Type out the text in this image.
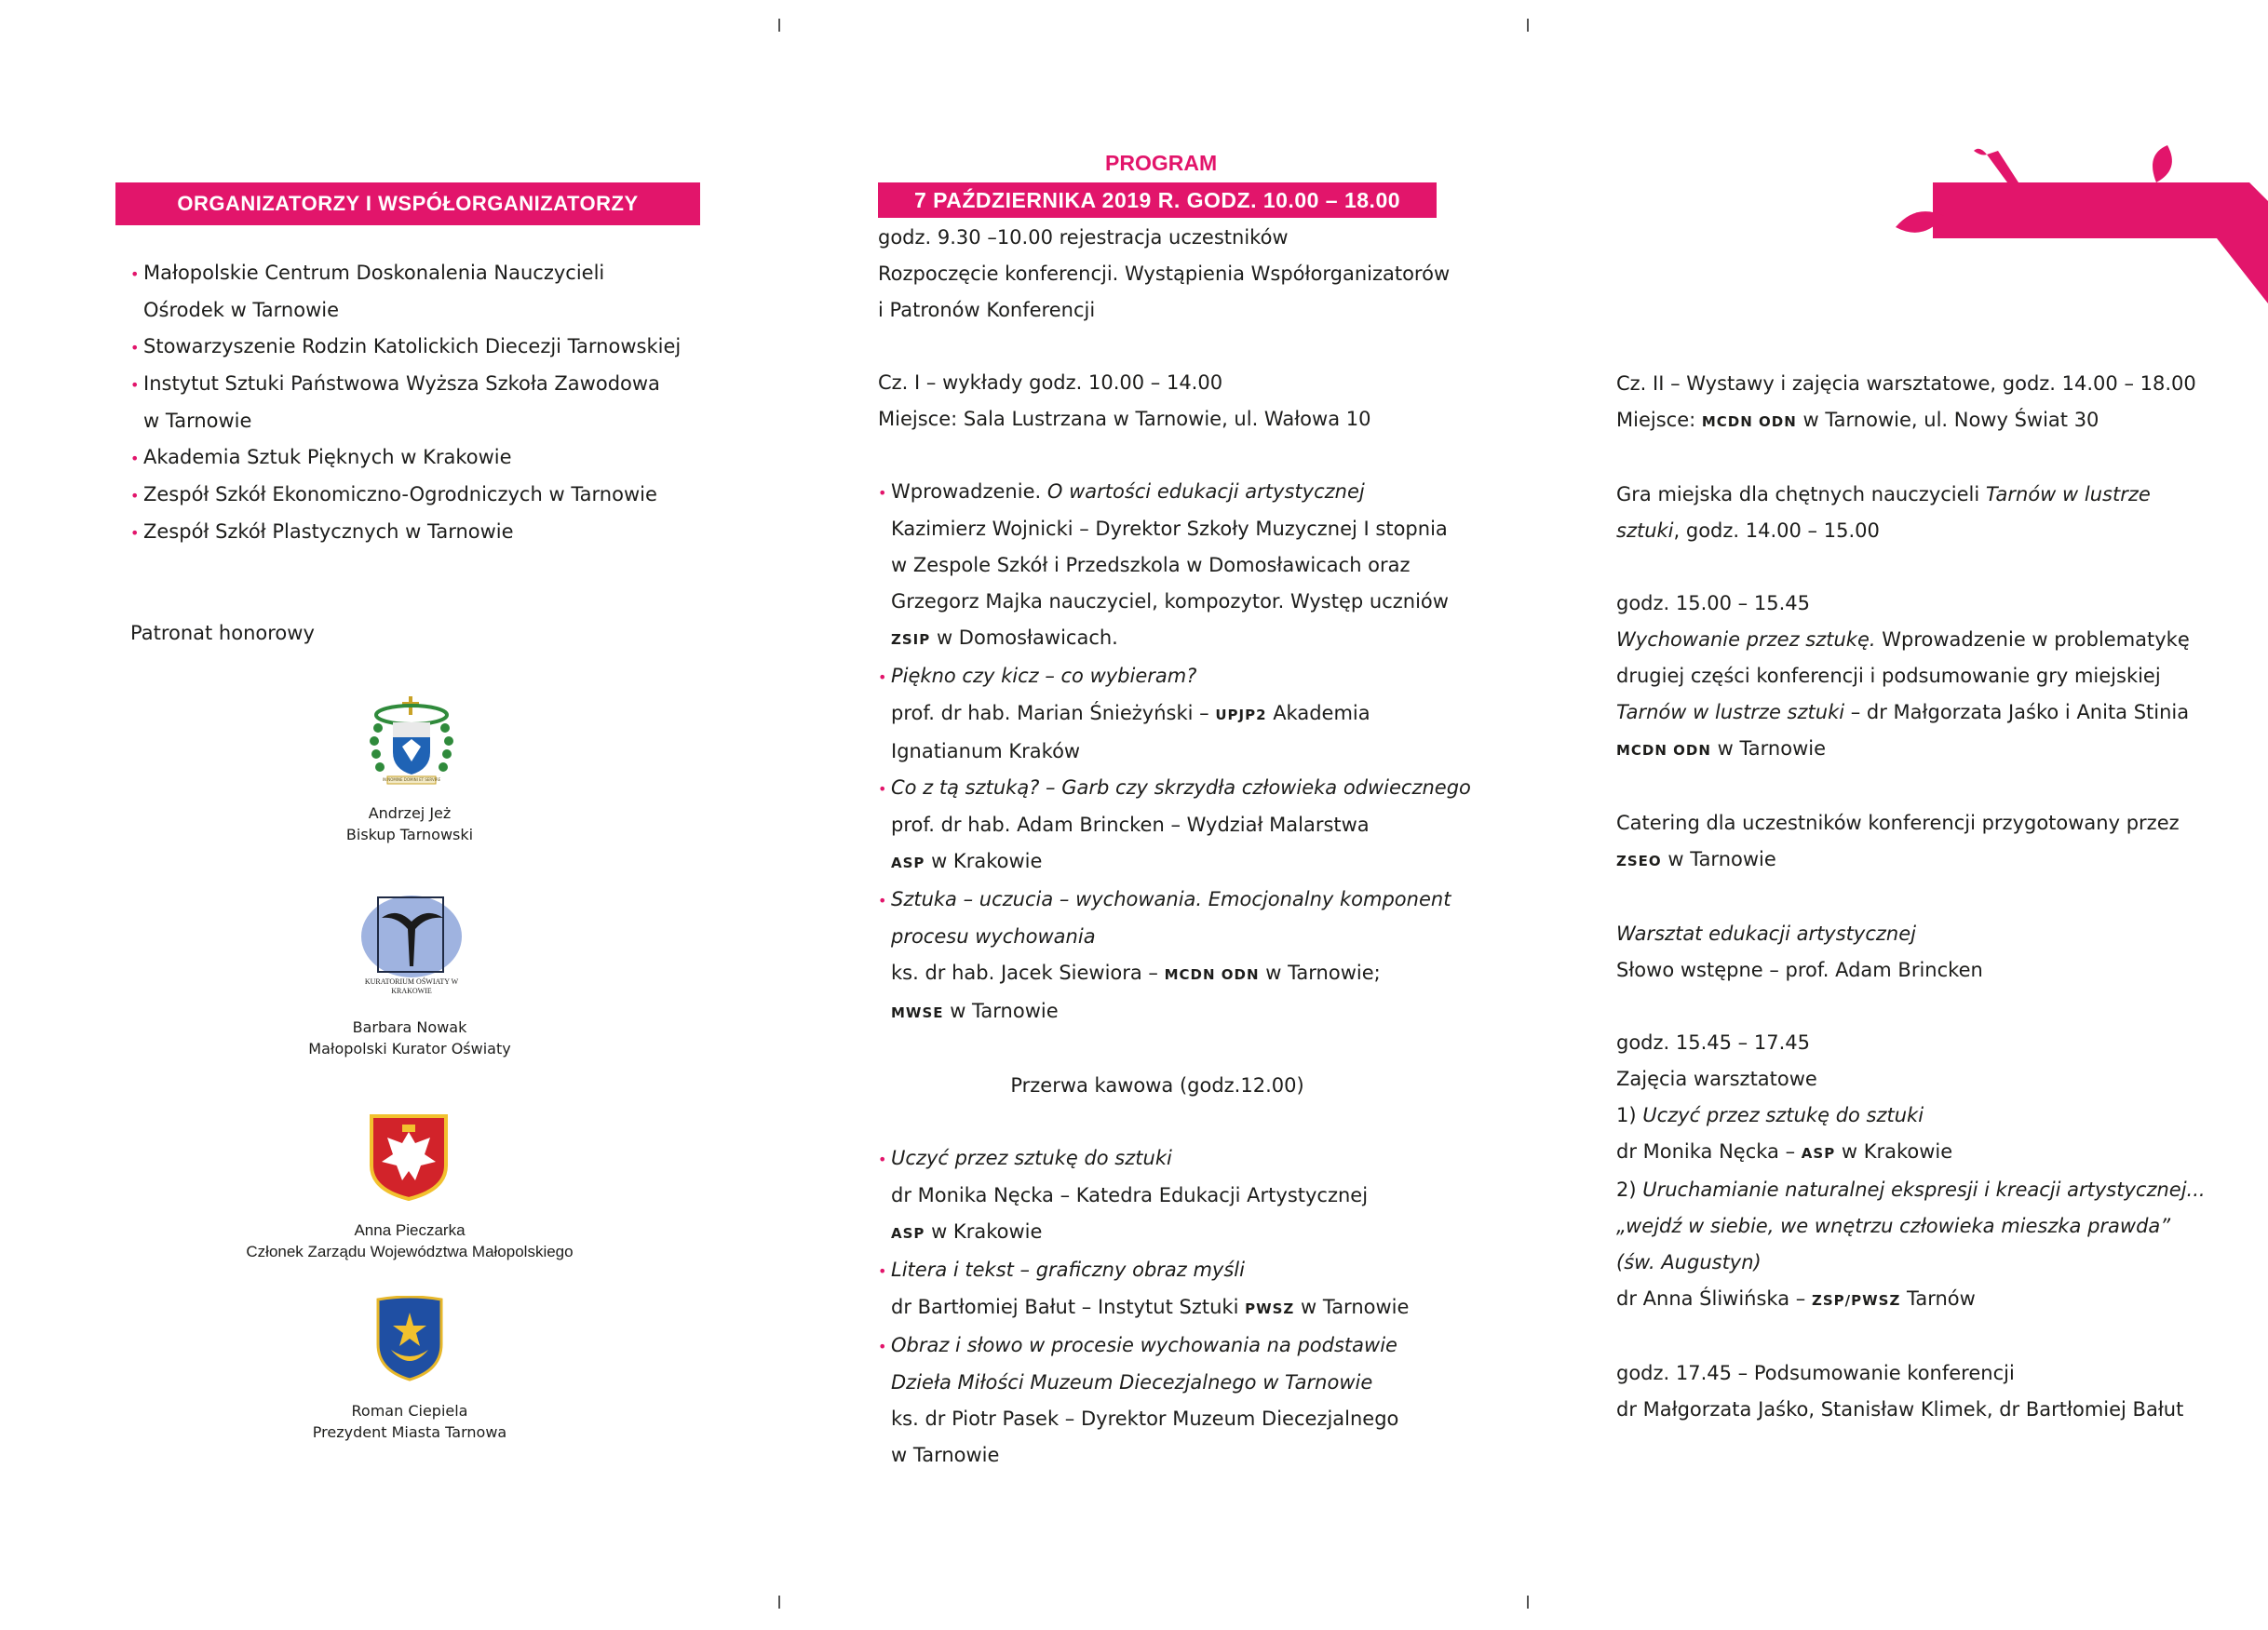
ORGANIZATORZY I WSPÓŁORGANIZATORZY KONFERENCJI
• Małopolskie Centrum Doskonalenia Nauczycieli
Ośrodek w Tarnowie
• Stowarzyszenie Rodzin Katolickich Diecezji Tarnowskiej
• Instytut Sztuki Państwowa Wyższa Szkoła Zawodowa
w Tarnowie
• Akademia Sztuk Pięknych w Krakowie
• Zespół Szkół Ekonomiczno-Ogrodniczych w Tarnowie
• Zespół Szkół Plastycznych w Tarnowie
Patronat honorowy
IN NOMINE DOMINI ET SERVIRE
Andrzej Jeż
Biskup Tarnowski
KURATORIUM OŚWIATY W KRAKOWIE
Barbara Nowak
Małopolski Kurator Oświaty
Anna Pieczarka
Członek Zarządu Województwa Małopolskiego
Roman Ciepiela
Prezydent Miasta Tarnowa
PROGRAM
7 PAŹDZIERNIKA 2019 R. GODZ. 10.00 – 18.00
godz. 9.30 –10.00 rejestracja uczestników
Rozpoczęcie konferencji. Wystąpienia Współorganizatorów
i Patronów Konferencji

Cz. I – wykłady godz. 10.00 – 14.00
Miejsce: Sala Lustrzana w Tarnowie, ul. Wałowa 10

• Wprowadzenie. O wartości edukacji artystycznej
Kazimierz Wojnicki – Dyrektor Szkoły Muzycznej I stopnia
w Zespole Szkół i Przedszkola w Domosławicach oraz
Grzegorz Majka nauczyciel, kompozytor. Występ uczniów
ZSIP w Domosławicach.
• Piękno czy kicz – co wybieram?
prof. dr hab. Marian Śnieżyński – UPJP2 Akademia
Ignatianum Kraków
• Co z tą sztuką? – Garb czy skrzydła człowieka odwiecznego
prof. dr hab. Adam Brincken – Wydział Malarstwa
ASP w Krakowie
• Sztuka – uczucia – wychowania. Emocjonalny komponent
procesu wychowania
ks. dr hab. Jacek Siewiora – MCDN ODN w Tarnowie;
MWSE w Tarnowie

Przerwa kawowa (godz.12.00)

• Uczyć przez sztukę do sztuki
dr Monika Nęcka – Katedra Edukacji Artystycznej
ASP w Krakowie
• Litera i tekst – graficzny obraz myśli
dr Bartłomiej Bałut – Instytut Sztuki PWSZ w Tarnowie
• Obraz i słowo w procesie wychowania na podstawie
Dzieła Miłości Muzeum Diecezjalnego w Tarnowie
ks. dr Piotr Pasek – Dyrektor Muzeum Diecezjalnego
w Tarnowie
Cz. II – Wystawy i zajęcia warsztatowe, godz. 14.00 – 18.00
Miejsce: MCDN ODN w Tarnowie, ul. Nowy Świat 30

Gra miejska dla chętnych nauczycieli Tarnów w lustrze
sztuki, godz. 14.00 – 15.00

godz. 15.00 – 15.45
Wychowanie przez sztukę. Wprowadzenie w problematykę
drugiej części konferencji i podsumowanie gry miejskiej
Tarnów w lustrze sztuki – dr Małgorzata Jaśko i Anita Stinia
MCDN ODN w Tarnowie

Catering dla uczestników konferencji przygotowany przez
ZSEO w Tarnowie

Warsztat edukacji artystycznej
Słowo wstępne – prof. Adam Brincken

godz. 15.45 – 17.45
Zajęcia warsztatowe
1) Uczyć przez sztukę do sztuki
dr Monika Nęcka – ASP w Krakowie
2) Uruchamianie naturalnej ekspresji i kreacji artystycznej...
„wejdź w siebie, we wnętrzu człowieka mieszka prawda”
(św. Augustyn)
dr Anna Śliwińska – ZSP/PWSZ Tarnów

godz. 17.45 – Podsumowanie konferencji
dr Małgorzata Jaśko, Stanisław Klimek, dr Bartłomiej Bałut
